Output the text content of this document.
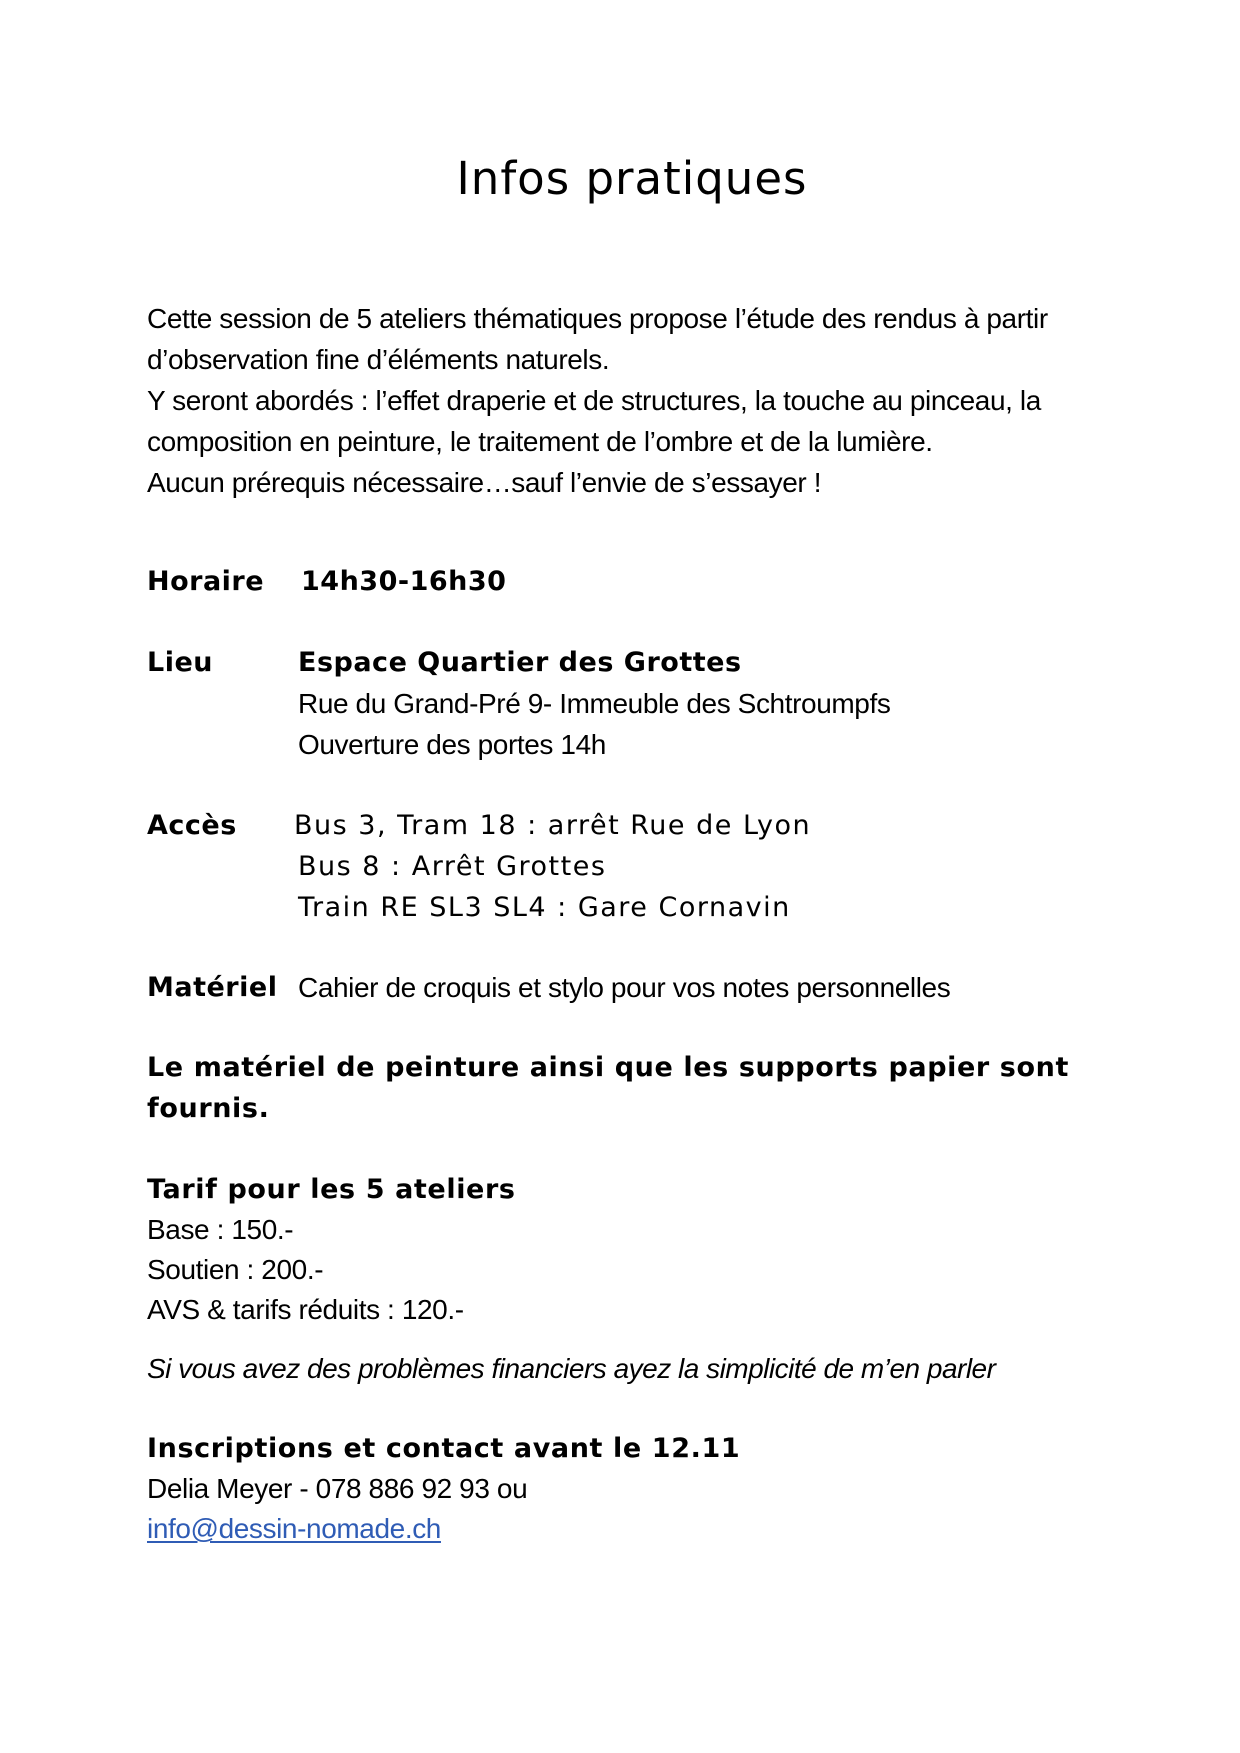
Infos pratiques
Cette session de 5 ateliers thématiques propose l’étude des rendus à partir
d’observation fine d’éléments naturels.
Y seront abordés : l’effet draperie et de structures, la touche au pinceau, la
composition en peinture, le traitement de l’ombre et de la lumière.
Aucun prérequis nécessaire…sauf l’envie de s’essayer !
Horaire 14h30-16h30
Lieu	Espace Quartier des Grottes
Rue du Grand-Pré 9- Immeuble des Schtroumpfs
Ouverture des portes 14h
Accès Bus 3, Tram 18 : arrêt Rue de Lyon
Bus 8 : Arrêt Grottes
Train RE SL3 SL4 : Gare Cornavin
Matériel Cahier de croquis et stylo pour vos notes personnelles
Le matériel de peinture ainsi que les supports papier sont
fournis.
Tarif pour les 5 ateliers
Base : 150.-
Soutien : 200.-
AVS & tarifs réduits : 120.-
Si vous avez des problèmes financiers ayez la simplicité de m’en parler
Inscriptions et contact avant le 12.11
Delia Meyer - 078 886 92 93 ou
info@dessin-nomade.ch
